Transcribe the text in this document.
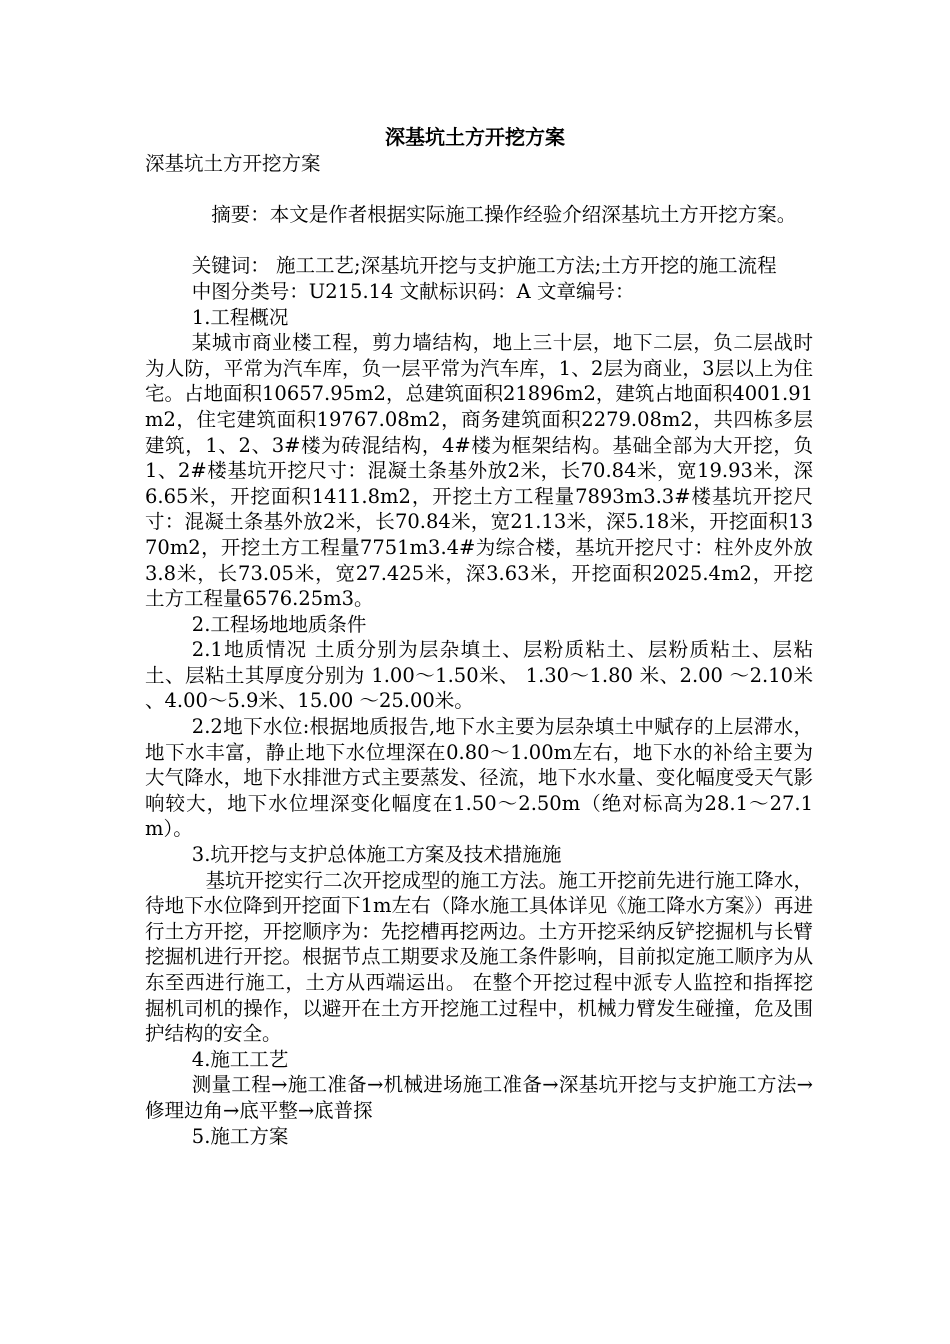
深基坑土方开挖方案

深基坑土方开挖方案

摘要：本文是作者根据实际施工操作经验介绍深基坑土方开挖方案。

关键词： 施工工艺;深基坑开挖与支护施工方法;土方开挖的施工流程

中图分类号：U215.14 文献标识码：A 文章编号：

1.工程概况

某城市商业楼工程，剪力墙结构，地上三十层，地下二层，负二层战时为人防，平常为汽车库，负一层平常为汽车库，1、2层为商业，3层以上为住宅。占地面积10657.95m2，总建筑面积21896m2，建筑占地面积4001.91m2，住宅建筑面积19767.08m2，商务建筑面积2279.08m2，共四栋多层建筑，1、2、3#楼为砖混结构，4#楼为框架结构。基础全部为大开挖，负1、2#楼基坑开挖尺寸：混凝土条基外放2米，长70.84米，宽19.93米，深6.65米，开挖面积1411.8m2，开挖土方工程量7893m3.3#楼基坑开挖尺寸：混凝土条基外放2米，长70.84米，宽21.13米，深5.18米，开挖面积1370m2，开挖土方工程量7751m3.4#为综合楼，基坑开挖尺寸：柱外皮外放3.8米，长73.05米，宽27.425米，深3.63米，开挖面积2025.4m2，开挖土方工程量6576.25m3。

2.工程场地地质条件

2.1地质情况 土质分别为层杂填土、层粉质粘土、层粉质粘土、层粘土、层粘土其厚度分别为 1.00～1.50米、 1.30～1.80 米、2.00 ～2.10米 、4.00～5.9米、15.00 ～25.00米。

2.2地下水位:根据地质报告,地下水主要为层杂填土中赋存的上层滞水，地下水丰富，静止地下水位埋深在0.80～1.00m左右，地下水的补给主要为大气降水，地下水排泄方式主要蒸发、径流，地下水水量、变化幅度受天气影响较大，地下水位埋深变化幅度在1.50～2.50m（绝对标高为28.1～27.1m）。

3.坑开挖与支护总体施工方案及技术措施施

基坑开挖实行二次开挖成型的施工方法。施工开挖前先进行施工降水，待地下水位降到开挖面下1m左右（降水施工具体详见《施工降水方案》）再进行土方开挖，开挖顺序为：先挖槽再挖两边。土方开挖采纳反铲挖掘机与长臂挖掘机进行开挖。根据节点工期要求及施工条件影响，目前拟定施工顺序为从东至西进行施工，土方从西端运出。 在整个开挖过程中派专人监控和指挥挖掘机司机的操作，以避开在土方开挖施工过程中，机械力臂发生碰撞，危及围护结构的安全。

4.施工工艺

测量工程→施工准备→机械进场施工准备→深基坑开挖与支护施工方法→修理边角→底平整→底普探

5.施工方案
